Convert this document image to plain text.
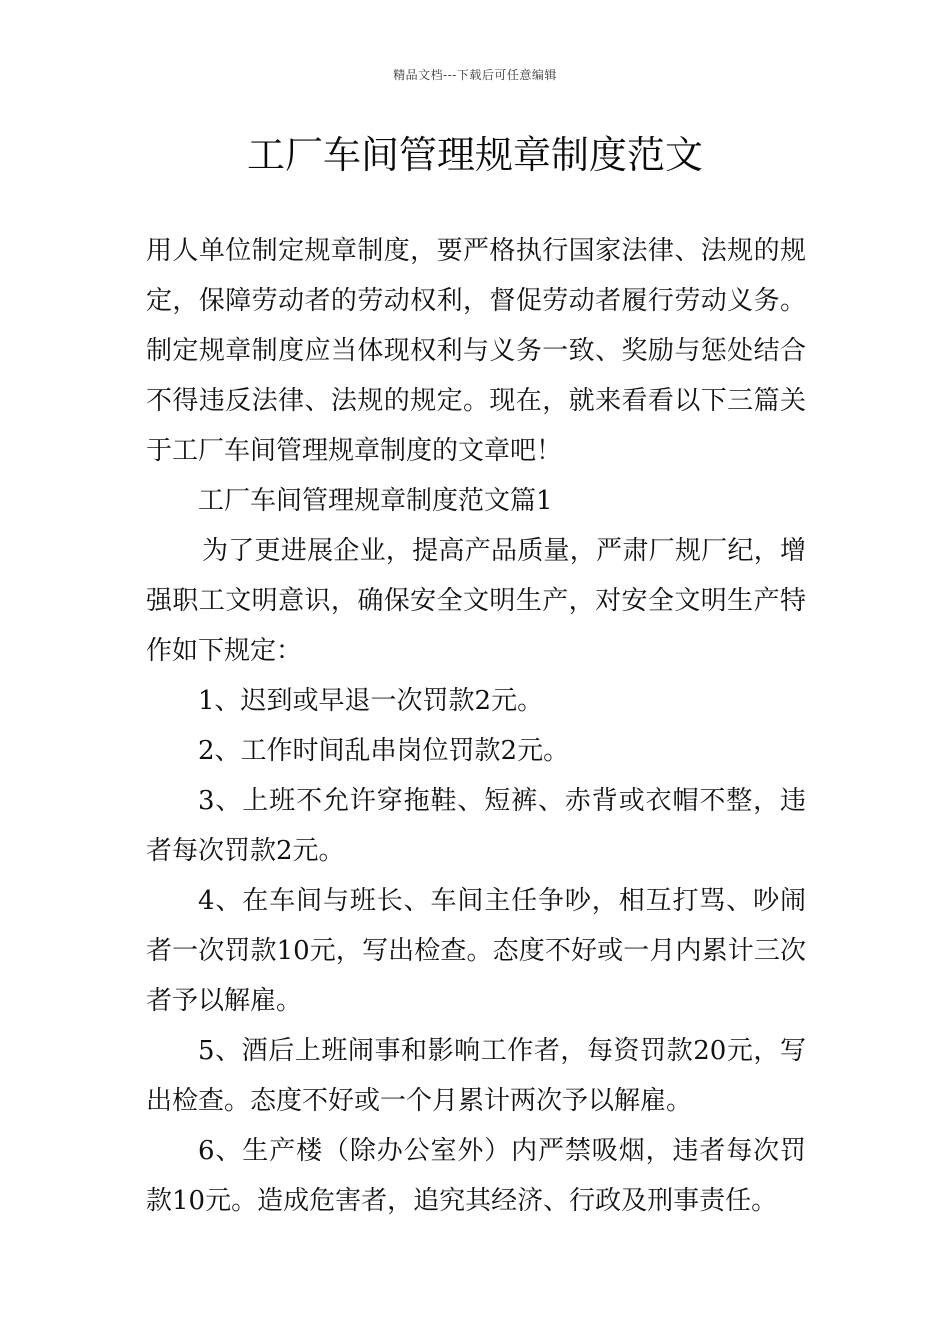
精品文档---下载后可任意编辑
工厂车间管理规章制度范文

用人单位制定规章制度，要严格执行国家法律、法规的规定，保障劳动者的劳动权利，督促劳动者履行劳动义务。制定规章制度应当体现权利与义务一致、奖励与惩处结合不得违反法律、法规的规定。现在，就来看看以下三篇关于工厂车间管理规章制度的文章吧！

工厂车间管理规章制度范文篇1

为了更进展企业，提高产品质量，严肃厂规厂纪，增强职工文明意识，确保安全文明生产，对安全文明生产特作如下规定：

1、迟到或早退一次罚款2元。

2、工作时间乱串岗位罚款2元。

3、上班不允许穿拖鞋、短裤、赤背或衣帽不整，违者每次罚款2元。

4、在车间与班长、车间主任争吵，相互打骂、吵闹者一次罚款10元，写出检查。态度不好或一月内累计三次者予以解雇。

5、酒后上班闹事和影响工作者，每资罚款20元，写出检查。态度不好或一个月累计两次予以解雇。

6、生产楼（除办公室外）内严禁吸烟，违者每次罚款10元。造成危害者，追究其经济、行政及刑事责任。
